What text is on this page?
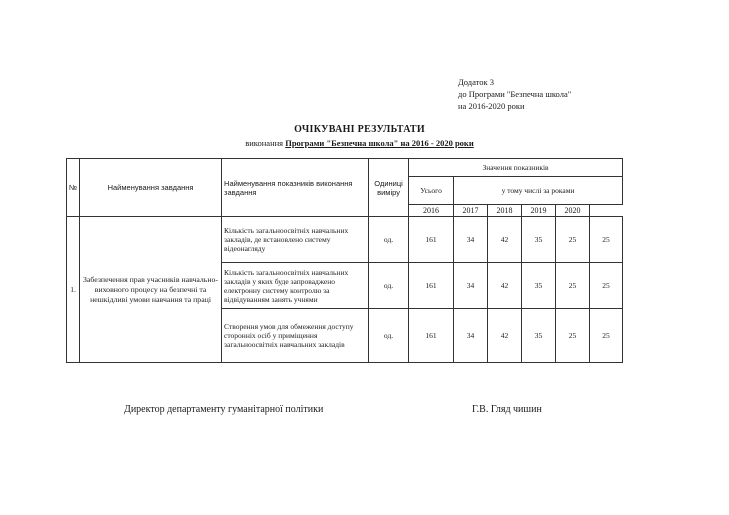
Додаток 3
до Програми "Безпечна школа"
на 2016-2020 роки
ОЧІКУВАНІ РЕЗУЛЬТАТИ
виконання Програми "Безпечна школа" на 2016 - 2020 роки
№	Найменування завдання	Найменування показників виконання завдання	Одиниці виміру	Значення показників					
				Усього	у тому числі за роками				
				2016	2017	2018	2019	2020	
1.	Забезпечення прав учасників навчально-виховного процесу на безпечні та нешкідливі умови навчання та праці	Кількість загальноосвітніх навчальних закладів, де встановлено систему відеонагляду	од.	161	34	42	35	25	25
		Кількість загальноосвітніх навчальних закладів у яких буде запроваджено електронну систему контролю за відвідуванням занять учнями	од.	161	34	42	35	25	25
		Створення умов для обмеження доступу сторонніх осіб у приміщення загальноосвітніх навчальних закладів	од.	161	34	42	35	25	25
Директор департаменту гуманітарної політики	Г.В. Гляд чишин
